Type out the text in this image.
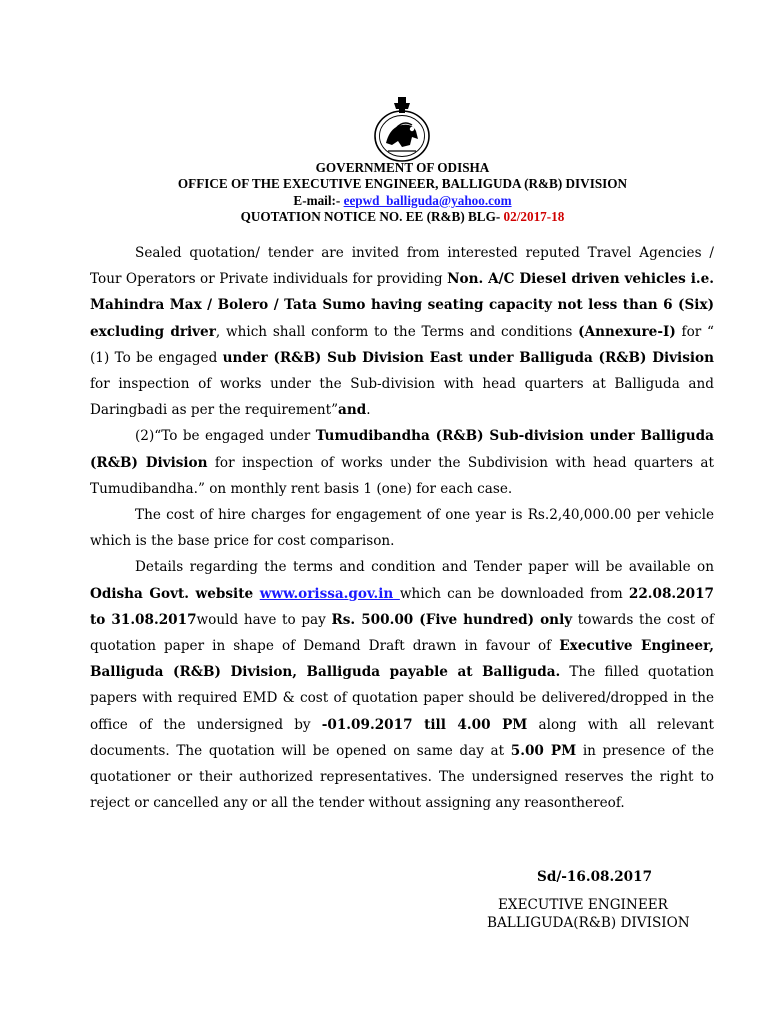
GOVERNMENT OF ODISHA
OFFICE OF THE EXECUTIVE ENGINEER, BALLIGUDA (R&B) DIVISION
E-mail:- eepwd_balliguda@yahoo.com
QUOTATION NOTICE NO. EE (R&B) BLG- 02/2017-18

Sealed quotation/ tender are invited from interested reputed Travel Agencies / Tour Operators or Private individuals for providing Non. A/C Diesel driven vehicles i.e. Mahindra Max / Bolero / Tata Sumo having seating capacity not less than 6 (Six) excluding driver, which shall conform to the Terms and conditions (Annexure-I) for “ (1) To be engaged under (R&B) Sub Division East under Balliguda (R&B) Division for inspection of works under the Sub-division with head quarters at Balliguda and Daringbadi as per the requirement”and.

(2)“To be engaged under Tumudibandha (R&B) Sub-division under Balliguda (R&B) Division for inspection of works under the Subdivision with head quarters at Tumudibandha.” on monthly rent basis 1 (one) for each case.

The cost of hire charges for engagement of one year is Rs.2,40,000.00 per vehicle which is the base price for cost comparison.

Details regarding the terms and condition and Tender paper will be available on Odisha Govt. website www.orissa.gov.in which can be downloaded from 22.08.2017 to 31.08.2017would have to pay Rs. 500.00 (Five hundred) only towards the cost of quotation paper in shape of Demand Draft drawn in favour of Executive Engineer, Balliguda (R&B) Division, Balliguda payable at Balliguda. The filled quotation papers with required EMD & cost of quotation paper should be delivered/dropped in the office of the undersigned by -01.09.2017 till 4.00 PM along with all relevant documents. The quotation will be opened on same day at 5.00 PM in presence of the quotationer or their authorized representatives. The undersigned reserves the right to reject or cancelled any or all the tender without assigning any reasonthereof.

Sd/-16.08.2017
EXECUTIVE ENGINEER
BALLIGUDA(R&B) DIVISION
